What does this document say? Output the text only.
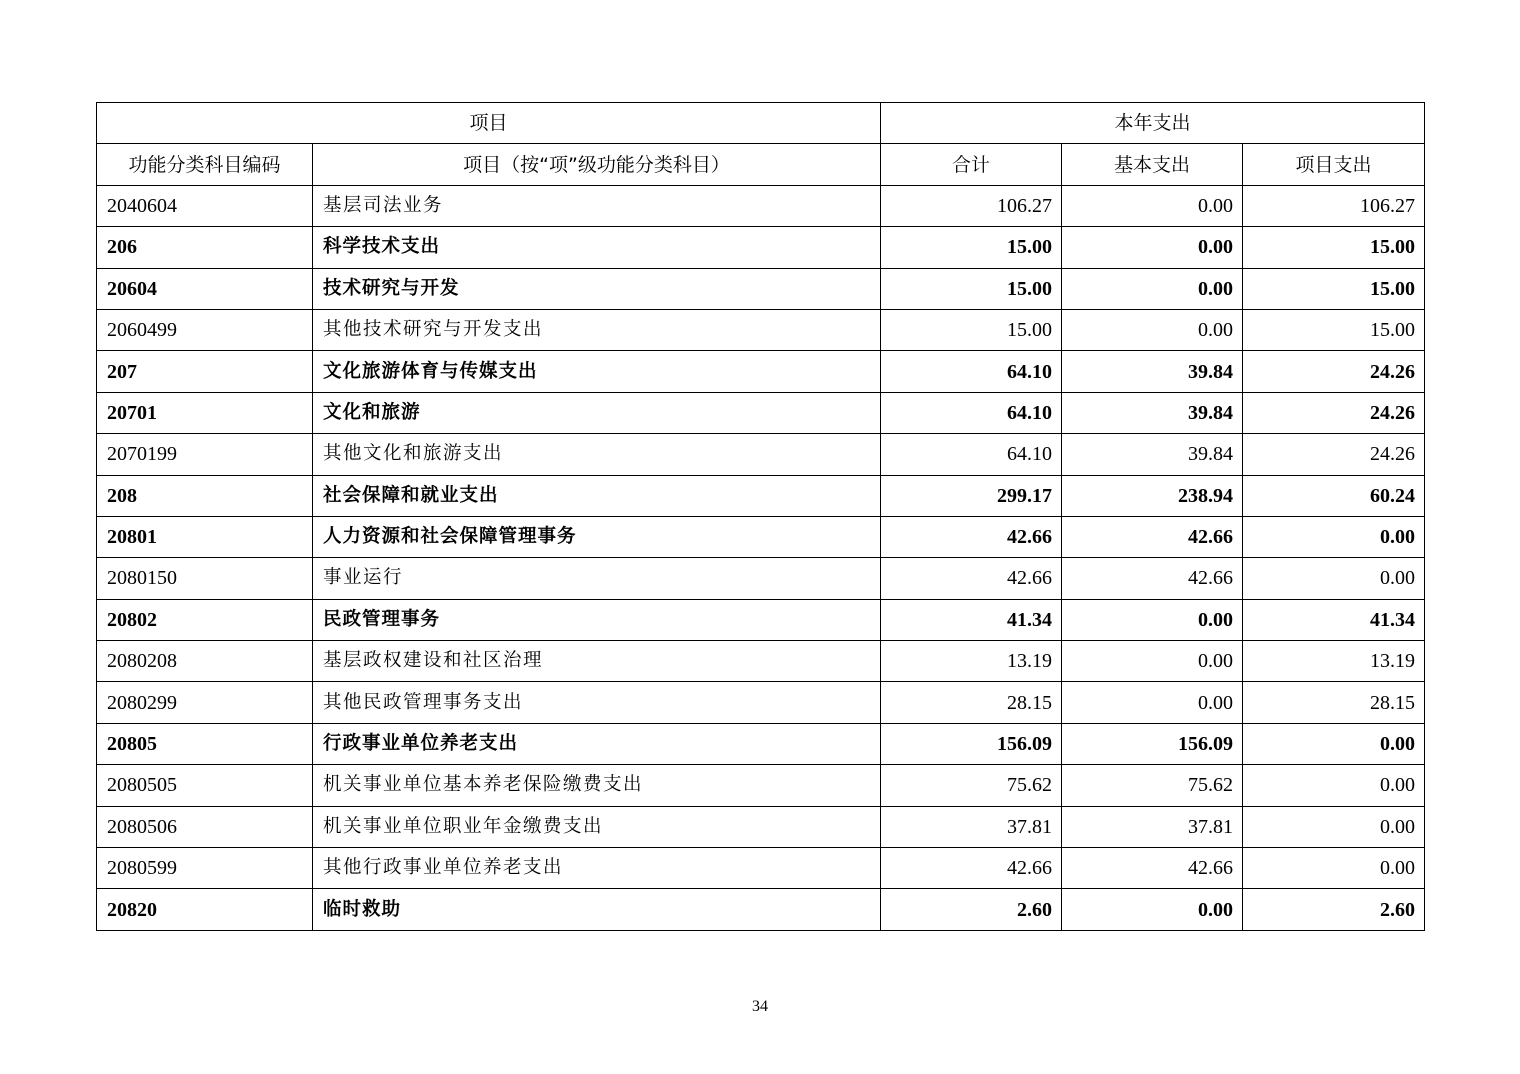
项目		本年支出		
功能分类科目编码	项目（按“项”级功能分类科目）	合计	基本支出	项目支出
2040604	基层司法业务	106.27	0.00	106.27
206	科学技术支出	15.00	0.00	15.00
20604	技术研究与开发	15.00	0.00	15.00
2060499	其他技术研究与开发支出	15.00	0.00	15.00
207	文化旅游体育与传媒支出	64.10	39.84	24.26
20701	文化和旅游	64.10	39.84	24.26
2070199	其他文化和旅游支出	64.10	39.84	24.26
208	社会保障和就业支出	299.17	238.94	60.24
20801	人力资源和社会保障管理事务	42.66	42.66	0.00
2080150	事业运行	42.66	42.66	0.00
20802	民政管理事务	41.34	0.00	41.34
2080208	基层政权建设和社区治理	13.19	0.00	13.19
2080299	其他民政管理事务支出	28.15	0.00	28.15
20805	行政事业单位养老支出	156.09	156.09	0.00
2080505	机关事业单位基本养老保险缴费支出	75.62	75.62	0.00
2080506	机关事业单位职业年金缴费支出	37.81	37.81	0.00
2080599	其他行政事业单位养老支出	42.66	42.66	0.00
20820	临时救助	2.60	0.00	2.60
34
